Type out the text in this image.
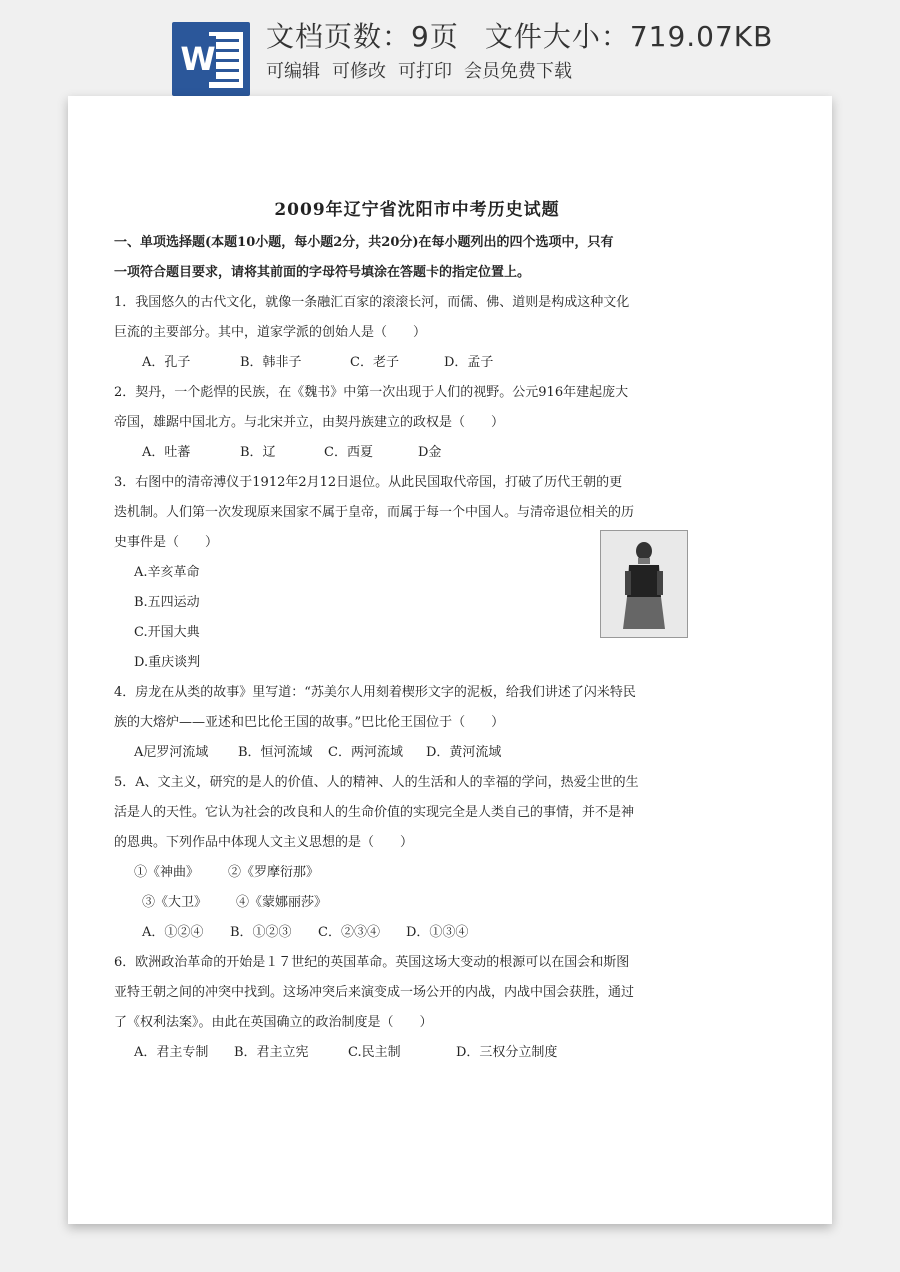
W
文档页数：9页 文件大小：719.07KB
可编辑 可修改 可打印 会员免费下载

2009年辽宁省沈阳市中考历史试题

一、单项选择题(本题10小题，每小题2分，共20分)在每小题列出的四个选项中，只有

一项符合题目要求，请将其前面的字母符号填涂在答题卡的指定位置上。

1．我国悠久的古代文化，就像一条融汇百家的滚滚长河，而儒、佛、道则是构成这种文化

巨流的主要部分。其中，道家学派的创始人是（　　）

A．孔子	B．韩非子	C．老子	D．孟子

2．契丹，一个彪悍的民族，在《魏书》中第一次出现于人们的视野。公元916年建起庞大

帝国，雄踞中国北方。与北宋并立，由契丹族建立的政权是（　　）

A．吐蕃	B．辽	C．西夏	D金

3．右图中的清帝溥仪于1912年2月12日退位。从此民国取代帝国，打破了历代王朝的更

迭机制。人们第一次发现原来国家不属于皇帝，而属于每一个中国人。与清帝退位相关的历

史事件是（　　）

A.辛亥革命

B.五四运动

C.开国大典

D.重庆谈判

4．房龙在从类的故事》里写道：“苏美尔人用刻着楔形文字的泥板，给我们讲述了闪米特民

族的大熔炉——亚述和巴比伦王国的故事。”巴比伦王国位于（　　）

A尼罗河流域 B．恒河流域 C．两河流域 D．黄河流域

5．A、文主义，研究的是人的价值、人的精神、人的生活和人的幸福的学问，热爱尘世的生

活是人的天性。它认为社会的改良和人的生命价值的实现完全是人类自己的事情，并不是神

的恩典。下列作品中体现人文主义思想的是（　　）

①《神曲》 ②《罗摩衍那》

③《大卫》 ④《蒙娜丽莎》

A．①②④ B．①②③ C．②③④ D．①③④

6．欧洲政治革命的开始是１７世纪的英国革命。英国这场大变动的根源可以在国会和斯图

亚特王朝之间的冲突中找到。这场冲突后来演变成一场公开的内战，内战中国会获胜，通过

了《权利法案》。由此在英国确立的政治制度是（　　）

A．君主专制 B．君主立宪	C.民主制	D．三权分立制度
